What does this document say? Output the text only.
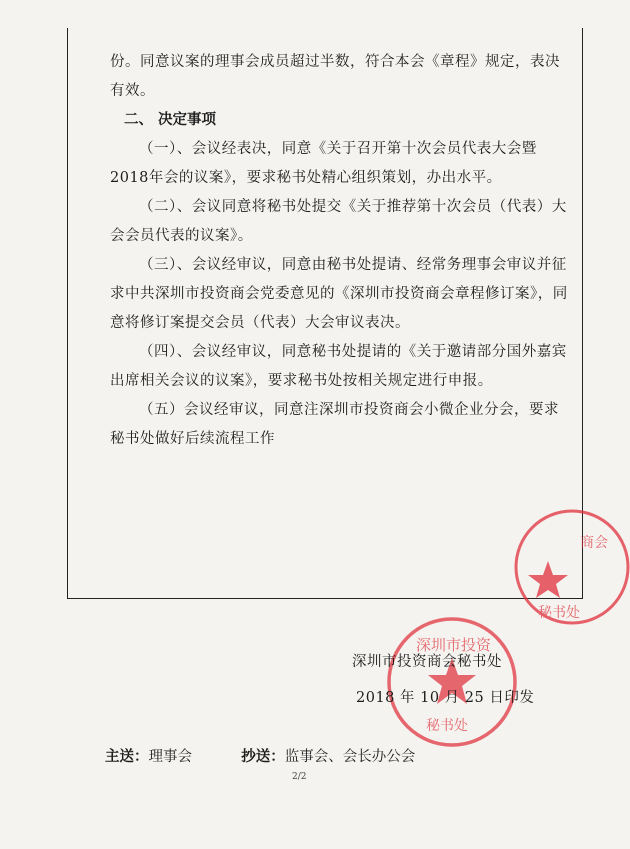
份。同意议案的理事会成员超过半数，符合本会《章程》规定，表决有效。

二、 决定事项

（一）、会议经表决，同意《关于召开第十次会员代表大会暨2018年会的议案》，要求秘书处精心组织策划，办出水平。

（二）、会议同意将秘书处提交《关于推荐第十次会员（代表）大会会员代表的议案》。

（三）、会议经审议，同意由秘书处提请、经常务理事会审议并征求中共深圳市投资商会党委意见的《深圳市投资商会章程修订案》，同意将修订案提交会员（代表）大会审议表决。

（四）、会议经审议，同意秘书处提请的《关于邀请部分国外嘉宾出席相关会议的议案》，要求秘书处按相关规定进行申报。

（五）会议经审议，同意注深圳市投资商会小微企业分会，要求秘书处做好后续流程工作

商会
秘书处
深圳市投资
秘书处
深圳市投资商会秘书处
2018 年 10 月 25 日印发
主送：理事会	抄送：监事会、会长办公会
2/2
